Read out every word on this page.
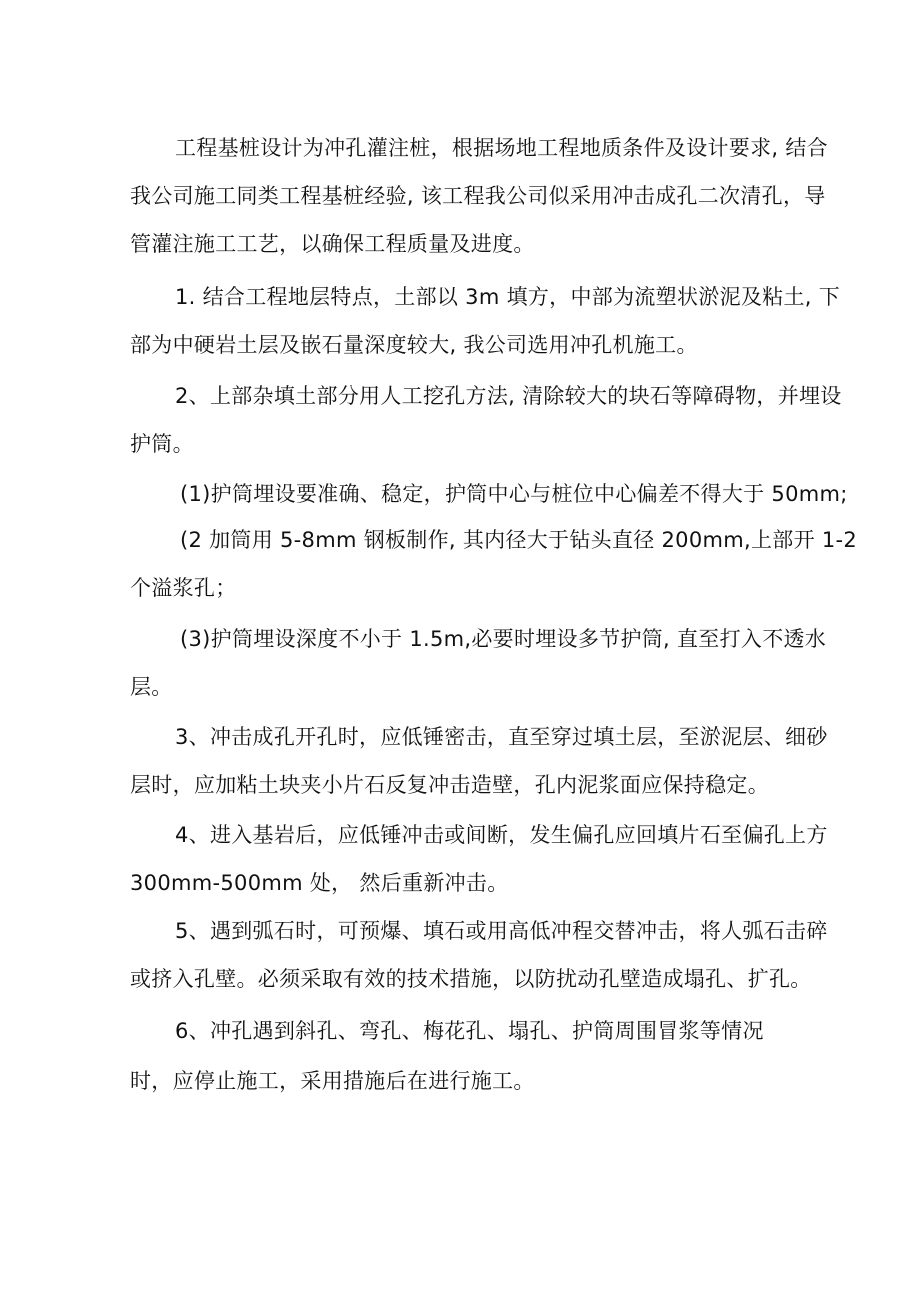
工程基桩设计为冲孔灌注桩，根据场地工程地质条件及设计要求, 结合

我公司施工同类工程基桩经验, 该工程我公司似采用冲击成孔二次清孔，导

管灌注施工工艺，以确保工程质量及进度。

1. 结合工程地层特点，土部以 3m 填方，中部为流塑状淤泥及粘土, 下

部为中硬岩土层及嵌石量深度较大, 我公司选用冲孔机施工。

2、上部杂填土部分用人工挖孔方法, 清除较大的块石等障碍物，并埋设

护筒。

(1)护筒埋设要准确、稳定，护筒中心与桩位中心偏差不得大于 50mm;

(2 加筒用 5-8mm 钢板制作, 其内径大于钻头直径 200mm,上部开 1-2

个溢浆孔；

(3)护筒埋设深度不小于 1.5m,必要时埋设多节护筒, 直至打入不透水

层。

3、冲击成孔开孔时，应低锤密击，直至穿过填土层，至淤泥层、细砂

层时，应加粘土块夹小片石反复冲击造壁，孔内泥浆面应保持稳定。

4、进入基岩后，应低锤冲击或间断，发生偏孔应回填片石至偏孔上方

300mm-500mm 处， 然后重新冲击。

5、遇到弧石时，可预爆、填石或用高低冲程交替冲击，将人弧石击碎

或挤入孔壁。必须采取有效的技术措施，以防扰动孔壁造成塌孔、扩孔。

6、冲孔遇到斜孔、弯孔、梅花孔、塌孔、护筒周围冒浆等情况

时，应停止施工，采用措施后在进行施工。
